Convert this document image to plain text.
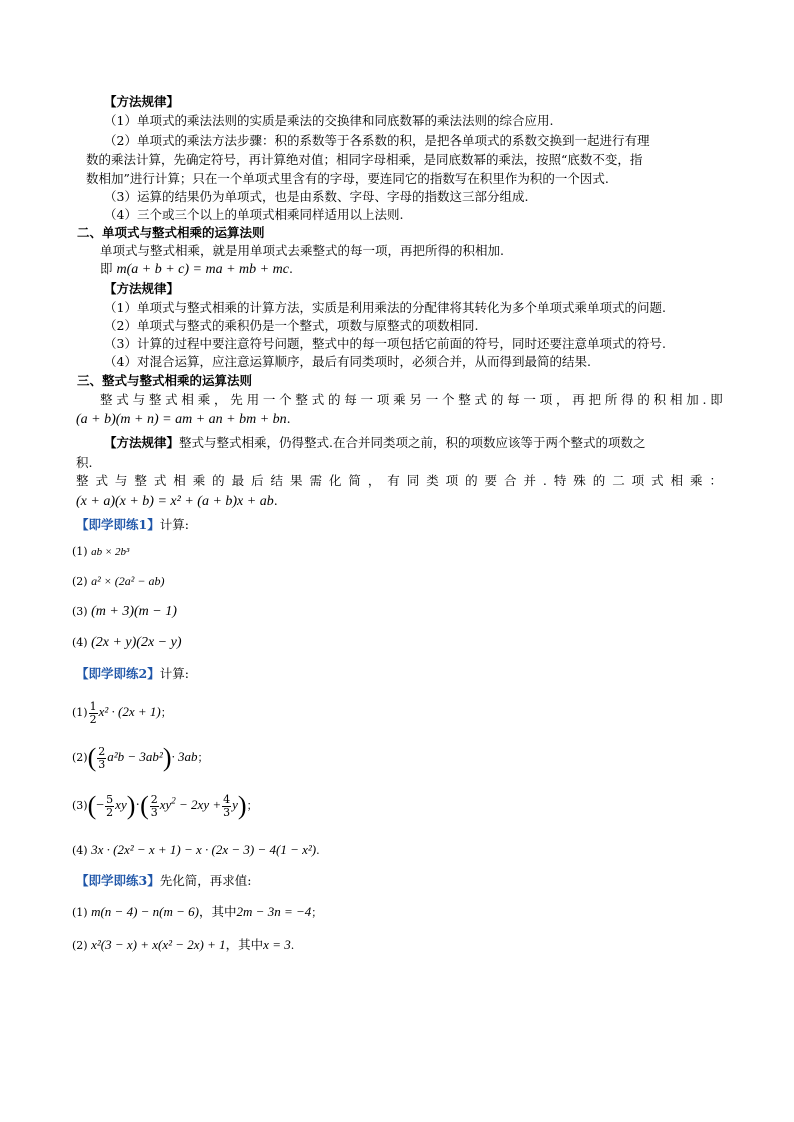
【方法规律】
（1）单项式的乘法法则的实质是乘法的交换律和同底数幂的乘法法则的综合应用.
（2）单项式的乘法方法步骤：积的系数等于各系数的积，是把各单项式的系数交换到一起进行有理
数的乘法计算，先确定符号，再计算绝对值；相同字母相乘，是同底数幂的乘法，按照“底数不变，指
数相加”进行计算；只在一个单项式里含有的字母，要连同它的指数写在积里作为积的一个因式.
（3）运算的结果仍为单项式，也是由系数、字母、字母的指数这三部分组成.
（4）三个或三个以上的单项式相乘同样适用以上法则.
二、单项式与整式相乘的运算法则
单项式与整式相乘，就是用单项式去乘整式的每一项，再把所得的积相加.
即 m(a + b + c) = ma + mb + mc.
【方法规律】
（1）单项式与整式相乘的计算方法，实质是利用乘法的分配律将其转化为多个单项式乘单项式的问题.
（2）单项式与整式的乘积仍是一个整式，项数与原整式的项数相同.
（3）计算的过程中要注意符号问题，整式中的每一项包括它前面的符号，同时还要注意单项式的符号.
（4）对混合运算，应注意运算顺序，最后有同类项时，必须合并，从而得到最简的结果.
三、整式与整式相乘的运算法则
整式与整式相乘，先用一个整式的每一项乘另一个整式的每一项，再把所得的积相加.即
(a + b)(m + n) = am + an + bm + bn.
【方法规律】整式与整式相乘，仍得整式.在合并同类项之前，积的项数应该等于两个整式的项数之
积.
整式与整式相乘的最后结果需化简，有同类项的要合并.特殊的二项式相乘：
(x + a)(x + b) = x² + (a + b)x + ab.
【即学即练1】计算:
(1) ab × 2b³
(2) a² × (2a² − ab)
(3) (m + 3)(m − 1)
(4) (2x + y)(2x − y)
【即学即练2】计算:
$(1) \frac{1}{2} x^2 \cdot (2x + 1)$；
$(2)( \frac{2}{3} a^2b - 3ab^2)\cdot 3ab$；
$(3)(- \frac{5}{2} xy)\cdot( \frac{2}{3} xy^2 - 2xy + \frac{4}{3} y)$；
(4) 3x · (2x² − x + 1) − x · (2x − 3) − 4(1 − x²).
【即学即练3】先化简，再求值:
(1) m(n − 4) − n(m − 6)，其中2m − 3n = −4；
(2) x²(3 − x) + x(x² − 2x) + 1，其中x = 3.
